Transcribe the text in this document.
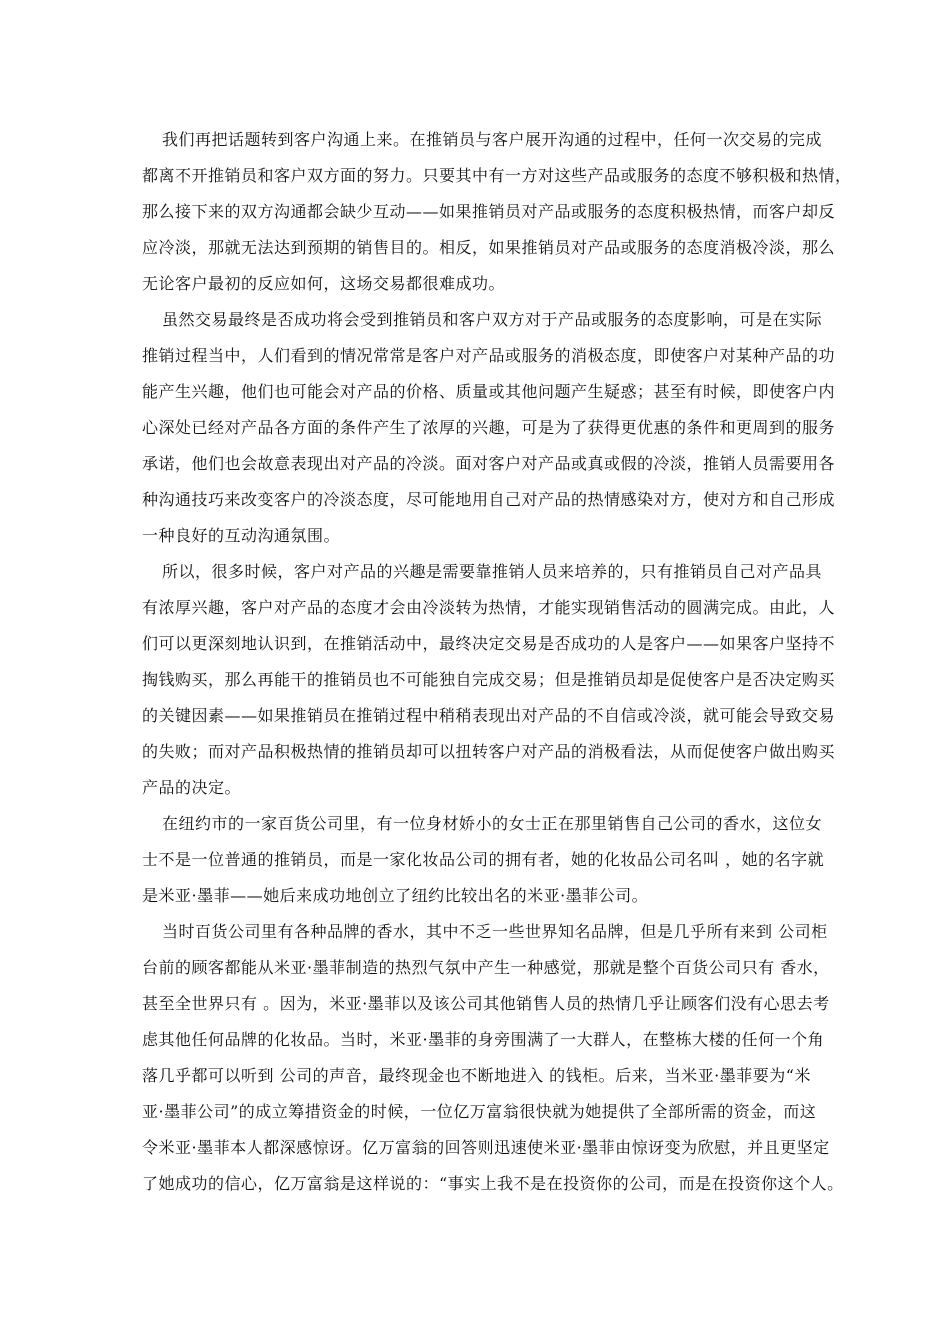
我们再把话题转到客户沟通上来。在推销员与客户展开沟通的过程中，任何一次交易的完成
都离不开推销员和客户双方面的努力。只要其中有一方对这些产品或服务的态度不够积极和热情，
那么接下来的双方沟通都会缺少互动——如果推销员对产品或服务的态度积极热情，而客户却反
应冷淡，那就无法达到预期的销售目的。相反，如果推销员对产品或服务的态度消极冷淡，那么
无论客户最初的反应如何，这场交易都很难成功。
虽然交易最终是否成功将会受到推销员和客户双方对于产品或服务的态度影响，可是在实际
推销过程当中，人们看到的情况常常是客户对产品或服务的消极态度，即使客户对某种产品的功
能产生兴趣，他们也可能会对产品的价格、质量或其他问题产生疑惑；甚至有时候，即使客户内
心深处已经对产品各方面的条件产生了浓厚的兴趣，可是为了获得更优惠的条件和更周到的服务
承诺，他们也会故意表现出对产品的冷淡。面对客户对产品或真或假的冷淡，推销人员需要用各
种沟通技巧来改变客户的冷淡态度，尽可能地用自己对产品的热情感染对方，使对方和自己形成
一种良好的互动沟通氛围。
所以，很多时候，客户对产品的兴趣是需要靠推销人员来培养的，只有推销员自己对产品具
有浓厚兴趣，客户对产品的态度才会由冷淡转为热情，才能实现销售活动的圆满完成。由此，人
们可以更深刻地认识到，在推销活动中，最终决定交易是否成功的人是客户——如果客户坚持不
掏钱购买，那么再能干的推销员也不可能独自完成交易；但是推销员却是促使客户是否决定购买
的关键因素——如果推销员在推销过程中稍稍表现出对产品的不自信或冷淡，就可能会导致交易
的失败；而对产品积极热情的推销员却可以扭转客户对产品的消极看法，从而促使客户做出购买
产品的决定。
在纽约市的一家百货公司里，有一位身材娇小的女士正在那里销售自己公司的香水，这位女
士不是一位普通的推销员，而是一家化妆品公司的拥有者，她的化妆品公司名叫 ，她的名字就
是米亚·墨菲——她后来成功地创立了纽约比较出名的米亚·墨菲公司。
当时百货公司里有各种品牌的香水，其中不乏一些世界知名品牌，但是几乎所有来到 公司柜
台前的顾客都能从米亚·墨菲制造的热烈气氛中产生一种感觉，那就是整个百货公司只有 香水，
甚至全世界只有 。因为，米亚·墨菲以及该公司其他销售人员的热情几乎让顾客们没有心思去考
虑其他任何品牌的化妆品。当时，米亚·墨菲的身旁围满了一大群人，在整栋大楼的任何一个角
落几乎都可以听到 公司的声音，最终现金也不断地进入 的钱柜。后来，当米亚·墨菲要为“米
亚·墨菲公司”的成立筹措资金的时候，一位亿万富翁很快就为她提供了全部所需的资金，而这
令米亚·墨菲本人都深感惊讶。亿万富翁的回答则迅速使米亚·墨菲由惊讶变为欣慰，并且更坚定
了她成功的信心，亿万富翁是这样说的：“事实上我不是在投资你的公司，而是在投资你这个人。
